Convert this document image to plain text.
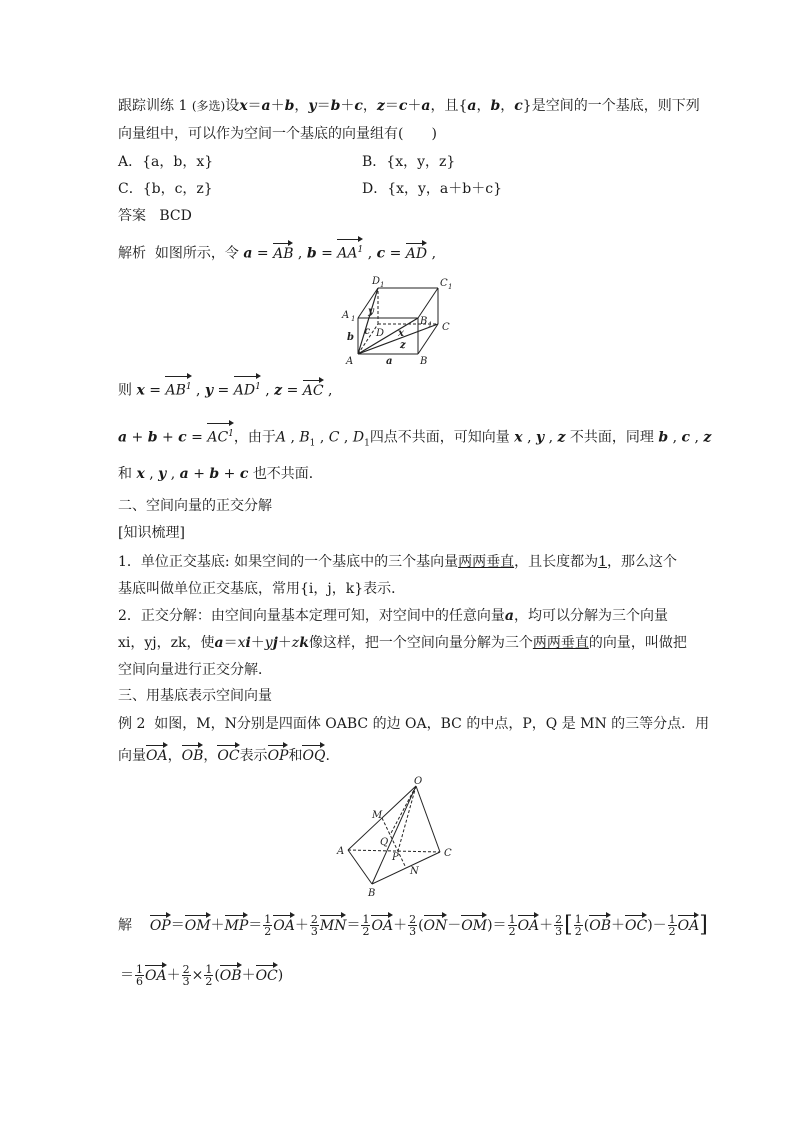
跟踪训练 1 (多选)设x＝a＋b，y＝b＋c，z＝c＋a，且{a，b，c}是空间的一个基底，则下列
向量组中，可以作为空间一个基底的向量组有(　　)
A．{a，b，x}	B．{x，y，z}
C．{b，c，z}	D．{x，y，a＋b＋c}
答案 BCD
解析 如图所示，令 a = AB , $b = AA^1$ , c = AD ,
A	B
C
D
A 1	B 1
C 1
D 1
a
b
c	x
y
z
则 $x = AB^1$ , $y = AD^1$ , z = AC ,
$a + b + c = AC^1$，由于A , $B_1$ , C , $D_1$四点不共面，可知向量 x , y , z 不共面，同理 b , c , z
和 x , y , a + b + c 也不共面．
二、空间向量的正交分解
[知识梳理]
1．单位正交基底: 如果空间的一个基底中的三个基向量两两垂直，且长度都为1，那么这个
基底叫做单位正交基底，常用{i，j，k}表示．
2．正交分解：由空间向量基本定理可知，对空间中的任意向量a，均可以分解为三个向量
xi，yj，zk，使a＝xi＋yj＋zk像这样，把一个空间向量分解为三个两两垂直的向量，叫做把
空间向量进行正交分解．
三、用基底表示空间向量
例 2 如图，M，N分别是四面体 OABC 的边 OA，BC 的中点，P，Q 是 MN 的三等分点．用
向量OA，OB，OC表示OP和OQ.
O
A
B
C
M
N
P
Q
解 $OP=OM+MP= \frac{1}{2} OA+ \frac{2}{3} MN= \frac{1}{2} OA+ \frac{2}{3} (ON-OM)= \frac{1}{2} OA+ \frac{2}{3}$ [ $\frac{1}{2} (OB+OC)- \frac{1}{2} OA$]
＝ $\frac{1}{6} OA+ \frac{2}{3} \times \frac{1}{2} (OB+OC)$
